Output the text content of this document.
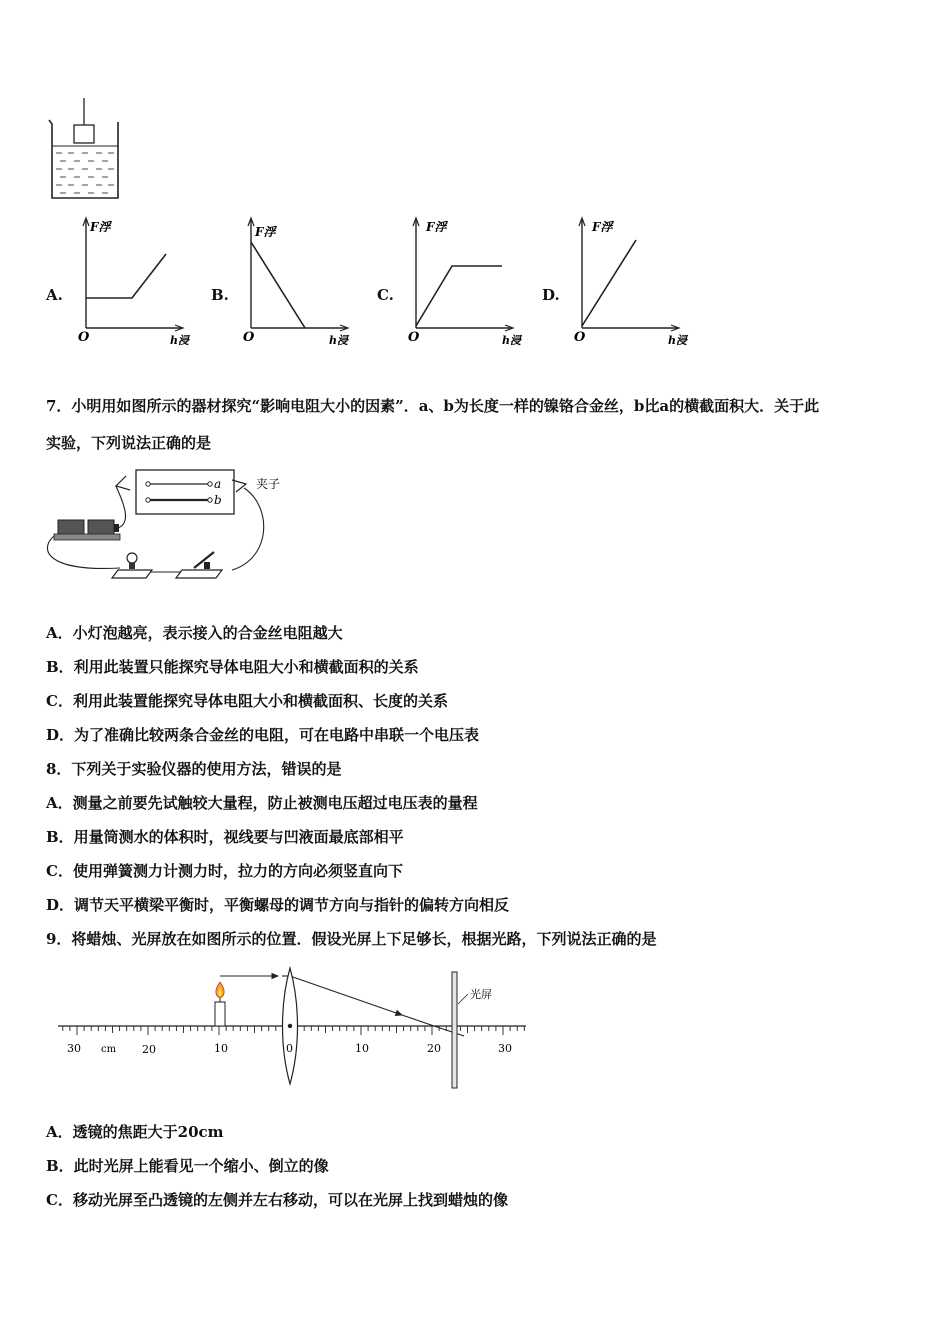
A.	B.	C.	D.
F浮
O	h浸
F浮
O	h浸
F浮
O	h浸
F浮
O	h浸
7．小明用如图所示的器材探究“影响电阻大小的因素”．a、b为长度一样的镍铬合金丝，b比a的横截面积大．关于此
实验，下列说法正确的是
a
b
夹子
A．小灯泡越亮，表示接入的合金丝电阻越大
B．利用此装置只能探究导体电阻大小和横截面积的关系
C．利用此装置能探究导体电阻大小和横截面积、长度的关系
D．为了准确比较两条合金丝的电阻，可在电路中串联一个电压表
8．下列关于实验仪器的使用方法，错误的是
A．测量之前要先试触较大量程，防止被测电压超过电压表的量程
B．用量筒测水的体积时，视线要与凹液面最底部相平
C．使用弹簧测力计测力时，拉力的方向必须竖直向下
D．调节天平横梁平衡时，平衡螺母的调节方向与指针的偏转方向相反
9．将蜡烛、光屏放在如图所示的位置．假设光屏上下足够长，根据光路，下列说法正确的是
光屏
30 cm 20	10	0	10	20	30
A．透镜的焦距大于20cm
B．此时光屏上能看见一个缩小、倒立的像
C．移动光屏至凸透镜的左侧并左右移动，可以在光屏上找到蜡烛的像
